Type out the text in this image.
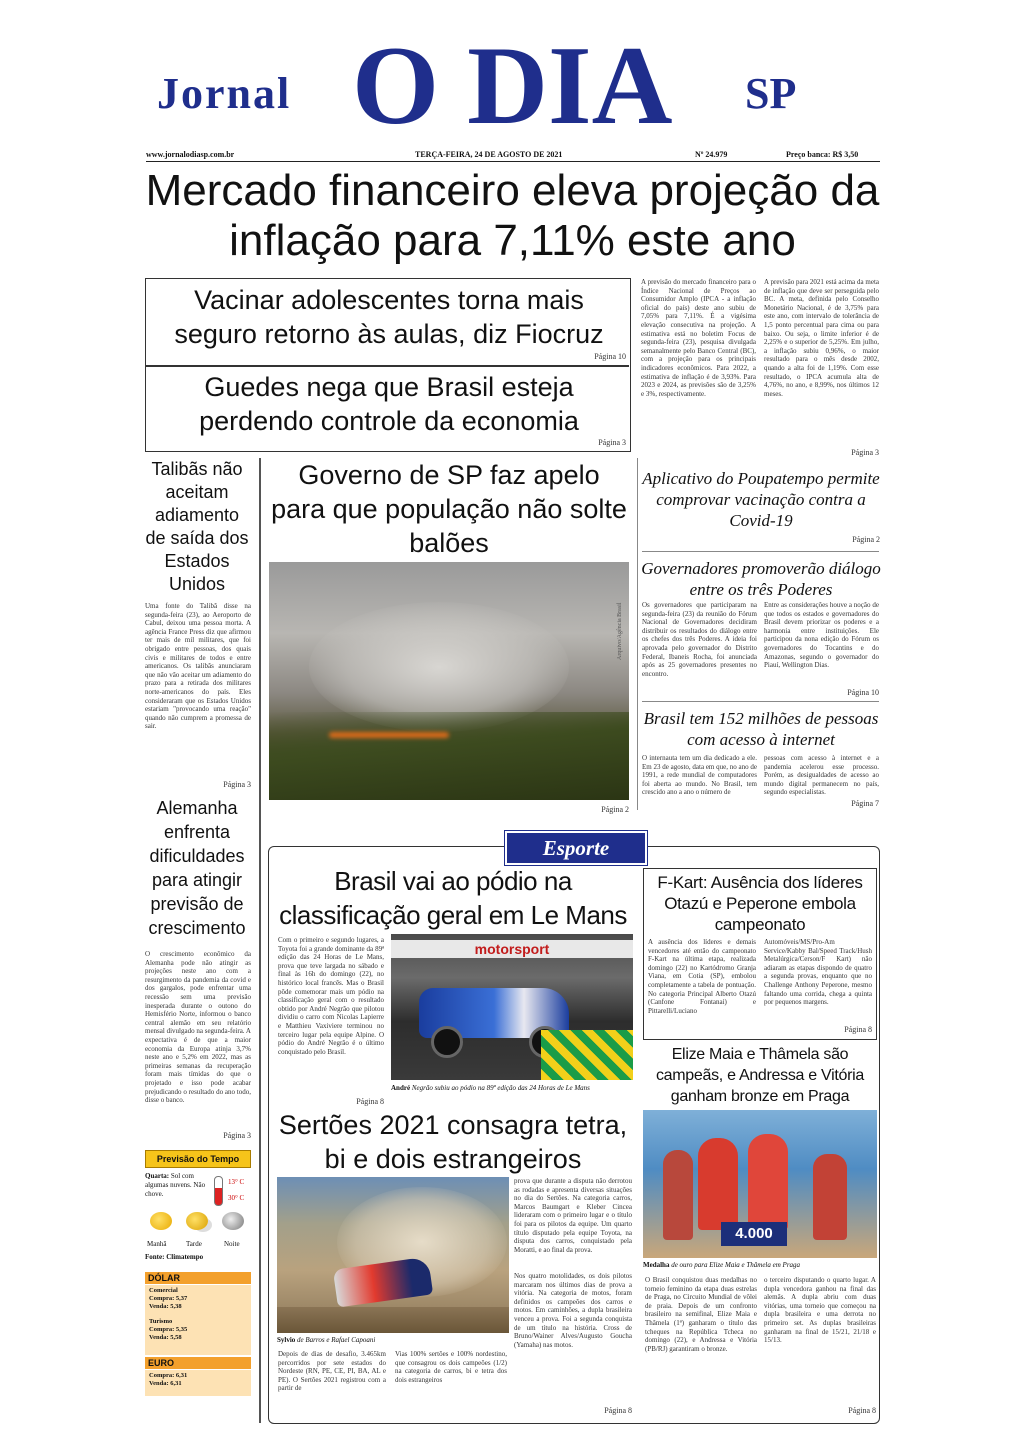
Jornal O DIA SP
www.jornalodiasp.com.br	TERÇA-FEIRA, 24 DE AGOSTO DE 2021	Nº 24.979	Preço banca: R$ 3,50
Mercado financeiro eleva projeção da inflação para 7,11% este ano
Vacinar adolescentes torna mais seguro retorno às aulas, diz Fiocruz
Página 10
Guedes nega que Brasil esteja perdendo controle da economia
Página 3
A previsão do mercado financeiro para o Índice Nacional de Preços ao Consumidor Amplo (IPCA - a inflação oficial do país) deste ano subiu de 7,05% para 7,11%. É a vigésima elevação consecutiva na projeção. A estimativa está no boletim Focus de segunda-feira (23), pesquisa divulgada semanalmente pelo Banco Central (BC), com a projeção para os principais indicadores econômicos. Para 2022, a estimativa de inflação é de 3,93%. Para 2023 e 2024, as previsões são de 3,25% e 3%, respectivamente.
A previsão para 2021 está acima da meta de inflação que deve ser perseguida pelo BC. A meta, definida pelo Conselho Monetário Nacional, é de 3,75% para este ano, com intervalo de tolerância de 1,5 ponto percentual para cima ou para baixo. Ou seja, o limite inferior é de 2,25% e o superior de 5,25%. Em julho, a inflação subiu 0,96%, o maior resultado para o mês desde 2002, quando a alta foi de 1,19%. Com esse resultado, o IPCA acumula alta de 4,76%, no ano, e 8,99%, nos últimos 12 meses.
Página 3
Talibãs não aceitam adiamento de saída dos Estados Unidos
Uma fonte do Talibã disse na segunda-feira (23), ao Aeroporto de Cabul, deixou uma pessoa morta. A agência France Press diz que afirmou ter mais de mil militares, que foi obrigado entre pessoas, dos quais civis e militares de todos e entre americanos. Os talibãs anunciaram que não vão aceitar um adiamento do prazo para a retirada dos militares norte-americanos do país. Eles consideraram que os Estados Unidos estariam "provocando uma reação" quando não cumprem a promessa de sair.
Página 3
Alemanha enfrenta dificuldades para atingir previsão de crescimento
O crescimento econômico da Alemanha pode não atingir as projeções neste ano com a resurgimento da pandemia da covid e dos gargalos, pode enfrentar uma recessão sem uma previsão inesperada durante o outono do Hemisfério Norte, informou o banco central alemão em seu relatório mensal divulgado na segunda-feira. A expectativa é de que a maior economia da Europa atinja 3,7% neste ano e 5,2% em 2022, mas as primeiras semanas da recuperação foram mais tímidas do que o projetado e isso pode acabar prejudicando o resultado do ano todo, disse o banco.
Página 3
Previsão do Tempo
Quarta: Sol com algumas nuvens. Não chove.
13° C
30° C
Manhã	Tarde	Noite
Fonte: Climatempo
DÓLAR
Comercial
Compra: 5,37
Venda: 5,38
Turismo
Compra: 5,35
Venda: 5,58
EURO
Compra: 6,31
Venda: 6,31
Governo de SP faz apelo para que população não solte balões
Arquivo/Agência Brasil
Página 2
Aplicativo do Poupatempo permite comprovar vacinação contra a Covid-19
Página 2
Governadores promoverão diálogo entre os três Poderes
Os governadores que participaram na segunda-feira (23) da reunião do Fórum Nacional de Governadores decidiram distribuir os resultados do diálogo entre os chefes dos três Poderes. A ideia foi aprovada pelo governador do Distrito Federal, Ibaneis Rocha, foi anunciada após as 25 governadores presentes no encontro.
Entre as considerações houve a noção de que todos os estados e governadores do Brasil devem priorizar os poderes e a harmonia entre instituições. Ele participou da nona edição do Fórum os governadores do Tocantins e do Amazonas, segundo o governador do Piauí, Wellington Dias.
Página 10
Brasil tem 152 milhões de pessoas com acesso à internet
O internauta tem um dia dedicado a ele. Em 23 de agosto, data em que, no ano de 1991, a rede mundial de computadores foi aberta ao mundo. No Brasil, tem crescido ano a ano o número de
pessoas com acesso à internet e a pandemia acelerou esse processo. Porém, as desigualdades de acesso ao mundo digital permanecem no país, segundo especialistas.
Página 7
Esporte
Brasil vai ao pódio na classificação geral em Le Mans
Com o primeiro e segundo lugares, a Toyota foi a grande dominante da 89ª edição das 24 Horas de Le Mans, prova que teve largada no sábado e final às 16h do domingo (22), no histórico local francês. Mas o Brasil pôde comemorar mais um pódio na classificação geral com o resultado obtido por André Negrão que pilotou dividiu o carro com Nicolas Lapierre e Matthieu Vaxiviere terminou no terceiro lugar pela equipe Alpine. O pódio do André Negrão é o último conquistado pelo Brasil.
Página 8
motorsport
André Negrão subiu ao pódio na 89ª edição das 24 Horas de Le Mans
F-Kart: Ausência dos líderes Otazú e Peperone embola campeonato
A ausência dos líderes e demais vencedores até então do campeonato F-Kart na última etapa, realizada domingo (22) no Kartódromo Granja Viana, em Cotia (SP), embolou completamente a tabela de pontuação. No categoria Principal Alberto Otazú (Canfone Fontanai) e Pittarelli/Luciano
Automóveis/MS/Pro-Am Service/Kabby Bal/Speed Track/Hush Metalúrgica/Cerson/F Kart) não adiaram as etapas dispondo de quatro a segunda provas, enquanto que no Challenge Anthony Peperone, mesmo faltando uma corrida, chega a quinta por pequenos margens.
Página 8
Elize Maia e Thâmela são campeãs, e Andressa e Vitória ganham bronze em Praga
4.000
Medalha de ouro para Elize Maia e Thâmela em Praga
O Brasil conquistou duas medalhas no torneio feminino da etapa duas estrelas de Praga, no Circuito Mundial de vôlei de praia. Depois de um confronto brasileiro na semifinal, Elize Maia e Thâmela (1ª) ganharam o título das tcheques na República Tcheca no domingo (22), e Andressa e Vitória (PB/RJ) garantiram o bronze.
o terceiro disputando o quarto lugar. A dupla vencedora ganhou na final das alemãs. A dupla abriu com duas vitórias, uma torneio que começou na dupla brasileira e uma derrota no primeiro set. As duplas brasileiras ganharam na final de 15/21, 21/18 e 15/13.
Página 8
Sertões 2021 consagra tetra, bi e dois estrangeiros
Sylvio de Barros e Rafael Capoani
prova que durante a disputa não derrotou as rodadas e apresenta diversas situações no dia do Sertões. Na categoria carros, Marcos Baumgart e Kleber Cincea lideraram com o primeiro lugar e o título foi para os pilotos da equipe. Um quarto título disputado pela equipe Toyota, na disputa dos carros, conquistado pela Moratti, e ao final da prova.
Nos quatro motolidades, os dois pilotos marcaram nos últimos dias de prova a vitória. Na categoria de motos, foram definidos os campeões dos carros e motos. Em caminhões, a dupla brasileira venceu a prova. Foi a segunda conquista de um título na história. Cross de Bruno/Wainer Alves/Augusto Goucha (Yamaha) nas motos.
Página 8
Depois de dias de desafio, 3.465km percorridos por sete estados do Nordeste (RN, PE, CE, PI, BA, AL e PE). O Sertões 2021 registrou com a partir de
Vias 100% sertões e 100% nordestino, que consagrou os dois campeões (1/2) na categoria de carros, bi e tetra dos dois estrangeiros
